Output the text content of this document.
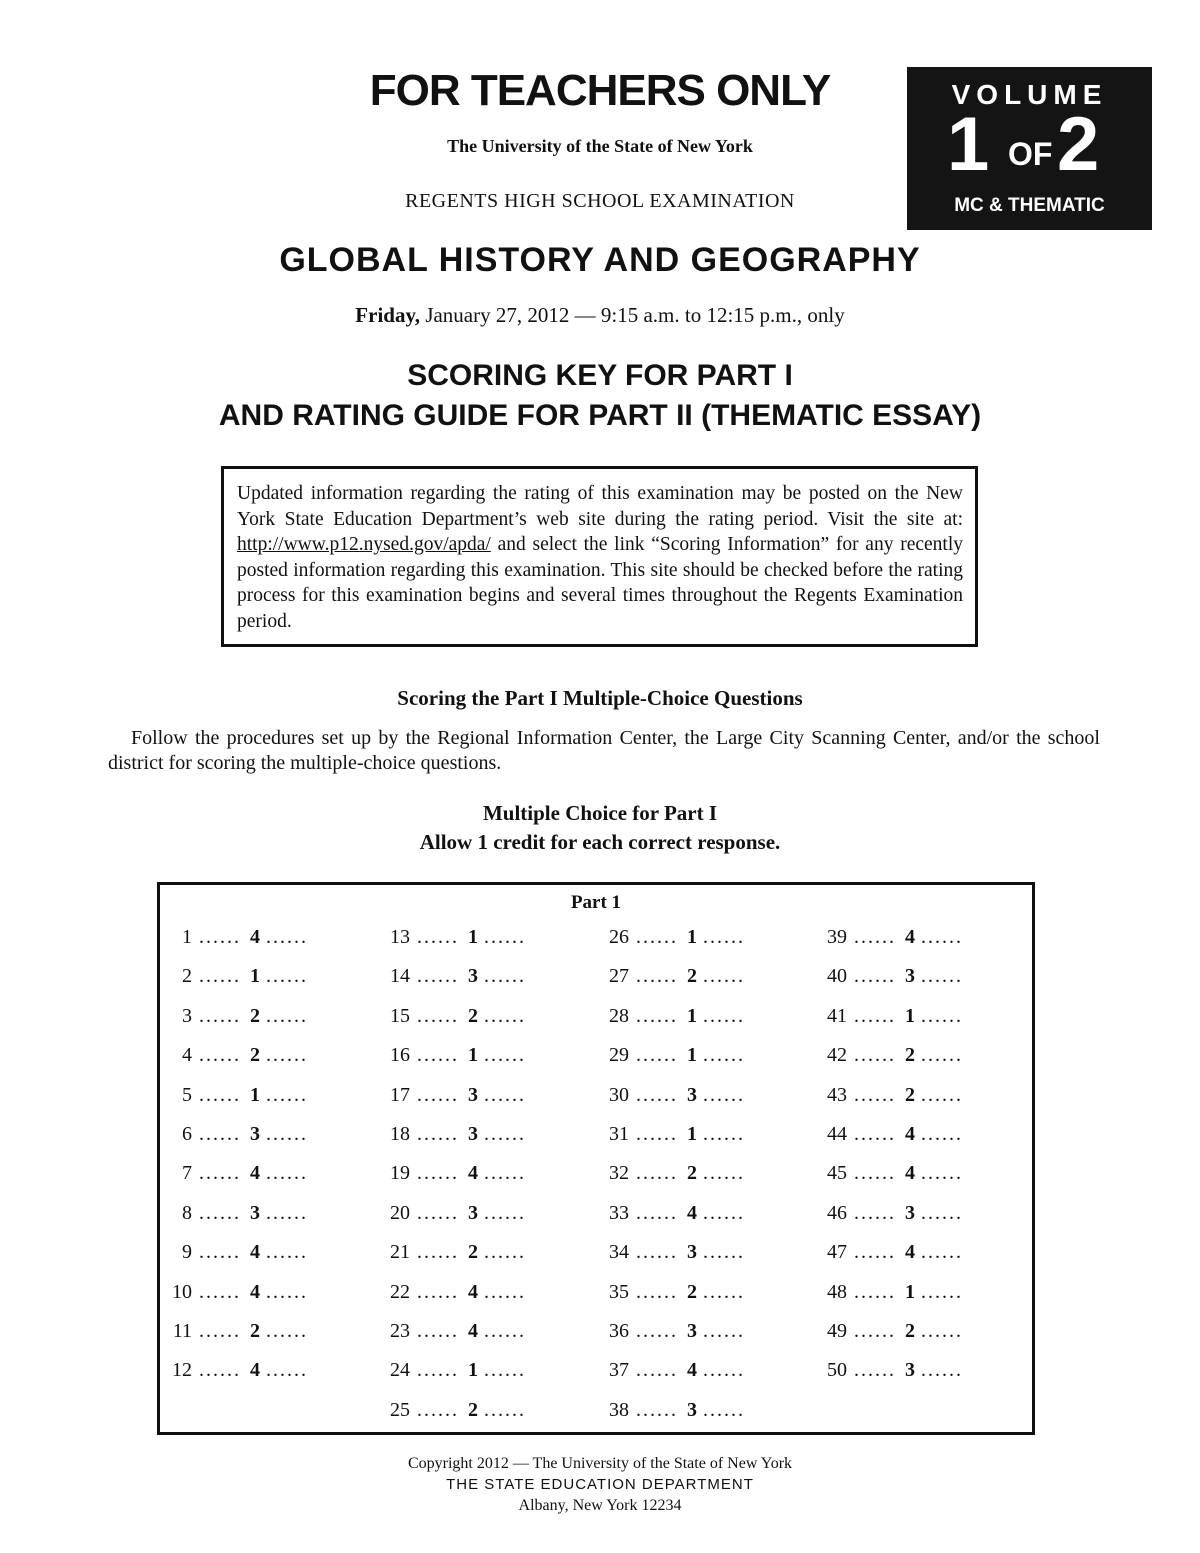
FOR TEACHERS ONLY
The University of the State of New York
REGENTS HIGH SCHOOL EXAMINATION
VOLUME
1 OF 2
MC & THEMATIC
GLOBAL HISTORY AND GEOGRAPHY
Friday, January 27, 2012 — 9:15 a.m. to 12:15 p.m., only
SCORING KEY FOR PART I
AND RATING GUIDE FOR PART II (THEMATIC ESSAY)
Updated information regarding the rating of this examination may be posted on the New York State Education Department’s web site during the rating period. Visit the site at: http://www.p12.nysed.gov/apda/ and select the link “Scoring Information” for any recently posted information regarding this examination. This site should be checked before the rating process for this examination begins and several times throughout the Regents Examination period.
Scoring the Part I Multiple-Choice Questions
Follow the procedures set up by the Regional Information Center, the Large City Scanning Center, and/or the school district for scoring the multiple-choice questions.
Multiple Choice for Part I
Allow 1 credit for each correct response.
Part 1
1 ...... 4 ......
2 ...... 1 ......
3 ...... 2 ......
4 ...... 2 ......
5 ...... 1 ......
6 ...... 3 ......
7 ...... 4 ......
8 ...... 3 ......
9 ...... 4 ......
10 ...... 4 ......
11 ...... 2 ......
12 ...... 4 ......
13 ...... 1 ......
14 ...... 3 ......
15 ...... 2 ......
16 ...... 1 ......
17 ...... 3 ......
18 ...... 3 ......
19 ...... 4 ......
20 ...... 3 ......
21 ...... 2 ......
22 ...... 4 ......
23 ...... 4 ......
24 ...... 1 ......
25 ...... 2 ......
26 ...... 1 ......
27 ...... 2 ......
28 ...... 1 ......
29 ...... 1 ......
30 ...... 3 ......
31 ...... 1 ......
32 ...... 2 ......
33 ...... 4 ......
34 ...... 3 ......
35 ...... 2 ......
36 ...... 3 ......
37 ...... 4 ......
38 ...... 3 ......
39 ...... 4 ......
40 ...... 3 ......
41 ...... 1 ......
42 ...... 2 ......
43 ...... 2 ......
44 ...... 4 ......
45 ...... 4 ......
46 ...... 3 ......
47 ...... 4 ......
48 ...... 1 ......
49 ...... 2 ......
50 ...... 3 ......
Copyright 2012 — The University of the State of New York
THE STATE EDUCATION DEPARTMENT
Albany, New York 12234
